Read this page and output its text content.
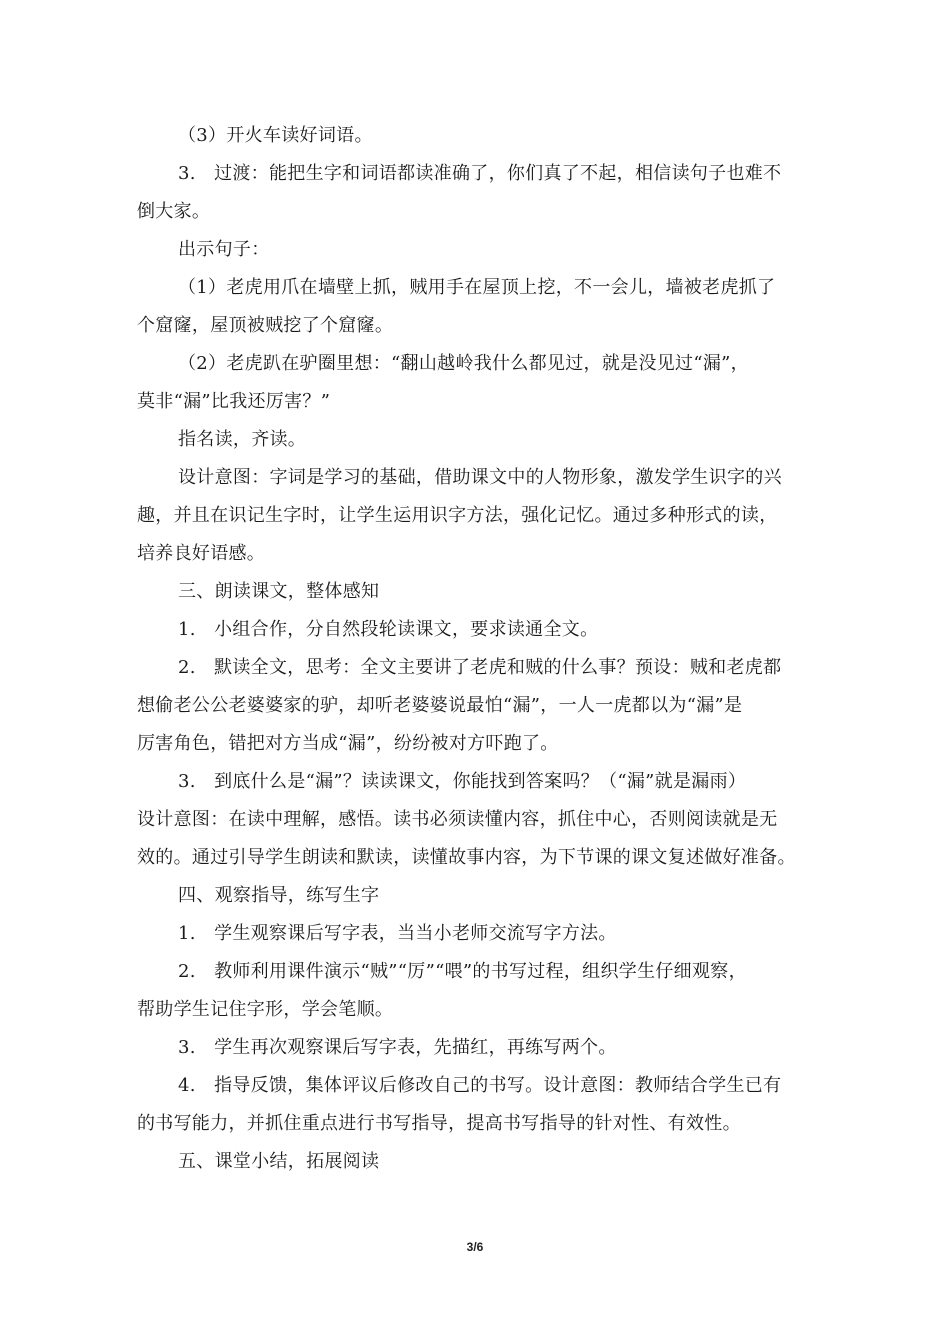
（3）开火车读好词语。
3.　过渡：能把生字和词语都读准确了，你们真了不起，相信读句子也难不
倒大家。
出示句子：
（1）老虎用爪在墙壁上抓，贼用手在屋顶上挖，不一会儿，墙被老虎抓了
个窟窿，屋顶被贼挖了个窟窿。
（2）老虎趴在驴圈里想：“翻山越岭我什么都见过，就是没见过“漏”，
莫非“漏”比我还厉害？”
指名读，齐读。
设计意图：字词是学习的基础，借助课文中的人物形象，激发学生识字的兴
趣，并且在识记生字时，让学生运用识字方法，强化记忆。通过多种形式的读，
培养良好语感。
三、朗读课文，整体感知
1.　小组合作，分自然段轮读课文，要求读通全文。
2.　默读全文，思考：全文主要讲了老虎和贼的什么事？预设：贼和老虎都
想偷老公公老婆婆家的驴，却听老婆婆说最怕“漏”，一人一虎都以为“漏”是
厉害角色，错把对方当成“漏”，纷纷被对方吓跑了。
3.　到底什么是“漏”？读读课文，你能找到答案吗？（“漏”就是漏雨）
设计意图：在读中理解，感悟。读书必须读懂内容，抓住中心，否则阅读就是无
效的。通过引导学生朗读和默读，读懂故事内容，为下节课的课文复述做好准备。
四、观察指导，练写生字
1.　学生观察课后写字表，当当小老师交流写字方法。
2.　教师利用课件演示“贼”“厉”“喂”的书写过程，组织学生仔细观察，
帮助学生记住字形，学会笔顺。
3.　学生再次观察课后写字表，先描红，再练写两个。
4.　指导反馈，集体评议后修改自己的书写。设计意图：教师结合学生已有
的书写能力，并抓住重点进行书写指导，提高书写指导的针对性、有效性。
五、课堂小结，拓展阅读
3/6
